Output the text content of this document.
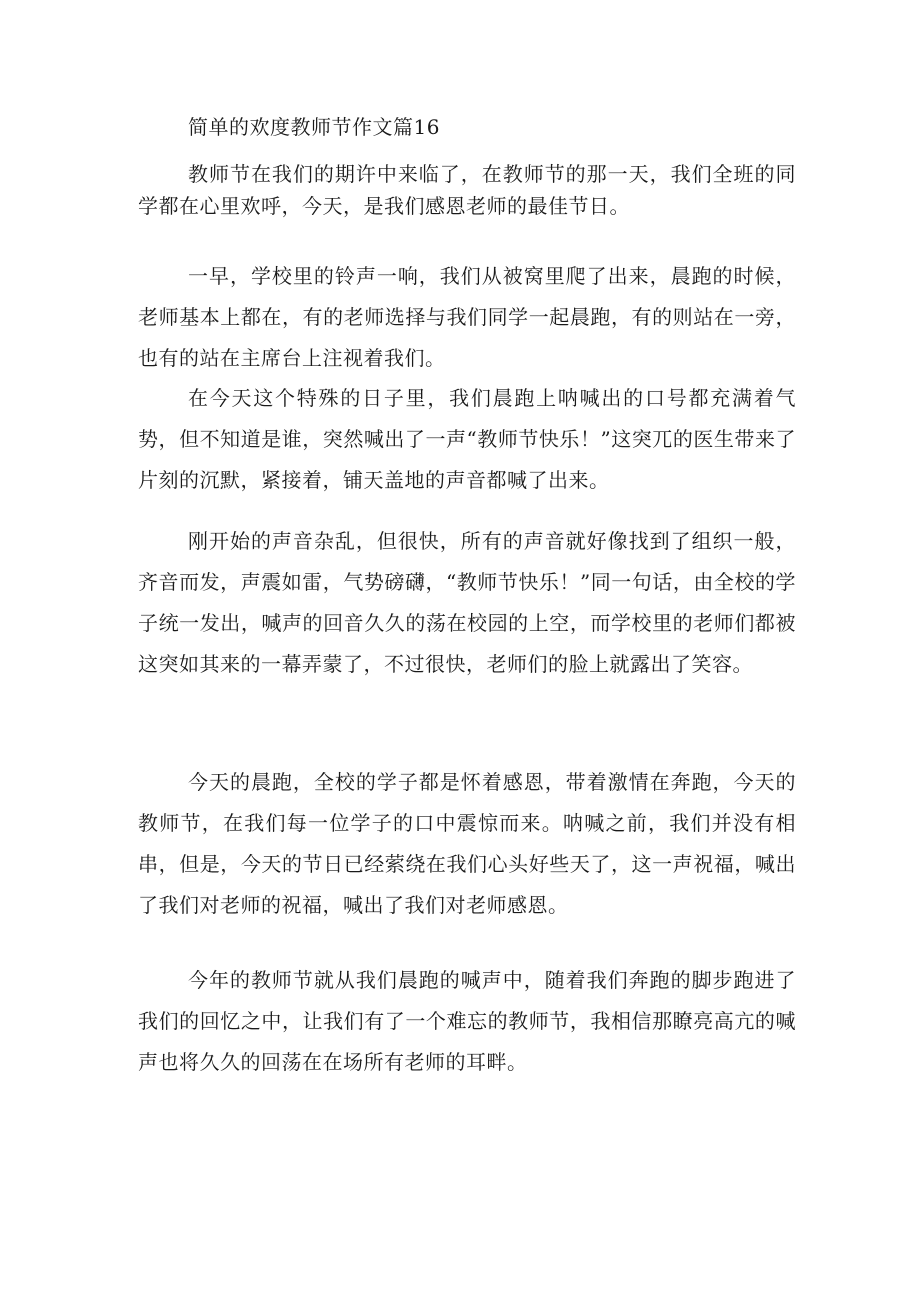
简单的欢度教师节作文篇16

教师节在我们的期许中来临了，在教师节的那一天，我们全班的同学都在心里欢呼，今天，是我们感恩老师的最佳节日。

一早，学校里的铃声一响，我们从被窝里爬了出来，晨跑的时候，老师基本上都在，有的老师选择与我们同学一起晨跑，有的则站在一旁，也有的站在主席台上注视着我们。

在今天这个特殊的日子里，我们晨跑上呐喊出的口号都充满着气势，但不知道是谁，突然喊出了一声“教师节快乐！”这突兀的医生带来了片刻的沉默，紧接着，铺天盖地的声音都喊了出来。

刚开始的声音杂乱，但很快，所有的声音就好像找到了组织一般，齐音而发，声震如雷，气势磅礴，“教师节快乐！”同一句话，由全校的学子统一发出，喊声的回音久久的荡在校园的上空，而学校里的老师们都被这突如其来的一幕弄蒙了，不过很快，老师们的脸上就露出了笑容。

今天的晨跑，全校的学子都是怀着感恩，带着激情在奔跑，今天的教师节，在我们每一位学子的口中震惊而来。呐喊之前，我们并没有相串，但是，今天的节日已经萦绕在我们心头好些天了，这一声祝福，喊出了我们对老师的祝福，喊出了我们对老师感恩。

今年的教师节就从我们晨跑的喊声中，随着我们奔跑的脚步跑进了我们的回忆之中，让我们有了一个难忘的教师节，我相信那瞭亮高亢的喊声也将久久的回荡在在场所有老师的耳畔。
